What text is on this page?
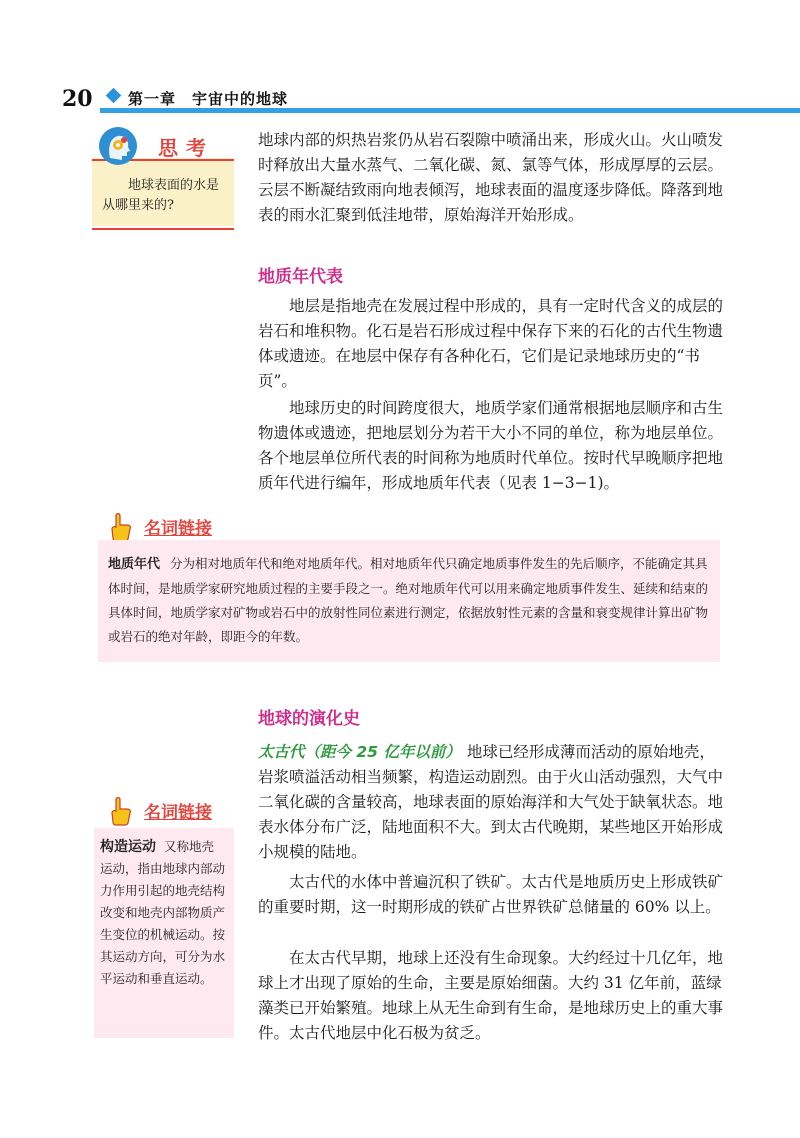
20 第一章 宇宙中的地球
思考
地球表面的水是从哪里来的?
地球内部的炽热岩浆仍从岩石裂隙中喷涌出来，形成火山。火山喷发时释放出大量水蒸气、二氧化碳、氮、氯等气体，形成厚厚的云层。云层不断凝结致雨向地表倾泻，地球表面的温度逐步降低。降落到地表的雨水汇聚到低洼地带，原始海洋开始形成。
地质年代表
地层是指地壳在发展过程中形成的，具有一定时代含义的成层的岩石和堆积物。化石是岩石形成过程中保存下来的石化的古代生物遗体或遗迹。在地层中保存有各种化石，它们是记录地球历史的“书页”。
地球历史的时间跨度很大，地质学家们通常根据地层顺序和古生物遗体或遗迹，把地层划分为若干大小不同的单位，称为地层单位。各个地层单位所代表的时间称为地质时代单位。按时代早晚顺序把地质年代进行编年，形成地质年代表（见表 1−3−1)。
名词链接
地质年代 分为相对地质年代和绝对地质年代。相对地质年代只确定地质事件发生的先后顺序，不能确定其具体时间，是地质学家研究地质过程的主要手段之一。绝对地质年代可以用来确定地质事件发生、延续和结束的具体时间，地质学家对矿物或岩石中的放射性同位素进行测定，依据放射性元素的含量和衰变规律计算出矿物或岩石的绝对年龄，即距今的年数。
地球的演化史
太古代（距今 25 亿年以前） 地球已经形成薄而活动的原始地壳，岩浆喷溢活动相当频繁，构造运动剧烈。由于火山活动强烈，大气中二氧化碳的含量较高，地球表面的原始海洋和大气处于缺氧状态。地表水体分布广泛，陆地面积不大。到太古代晚期，某些地区开始形成小规模的陆地。
太古代的水体中普遍沉积了铁矿。太古代是地质历史上形成铁矿的重要时期，这一时期形成的铁矿占世界铁矿总储量的 60% 以上。
在太古代早期，地球上还没有生命现象。大约经过十几亿年，地球上才出现了原始的生命，主要是原始细菌。大约 31 亿年前，蓝绿藻类已开始繁殖。地球上从无生命到有生命，是地球历史上的重大事件。太古代地层中化石极为贫乏。
名词链接
构造运动 又称地壳运动，指由地球内部动力作用引起的地壳结构改变和地壳内部物质产生变位的机械运动。按其运动方向，可分为水平运动和垂直运动。
